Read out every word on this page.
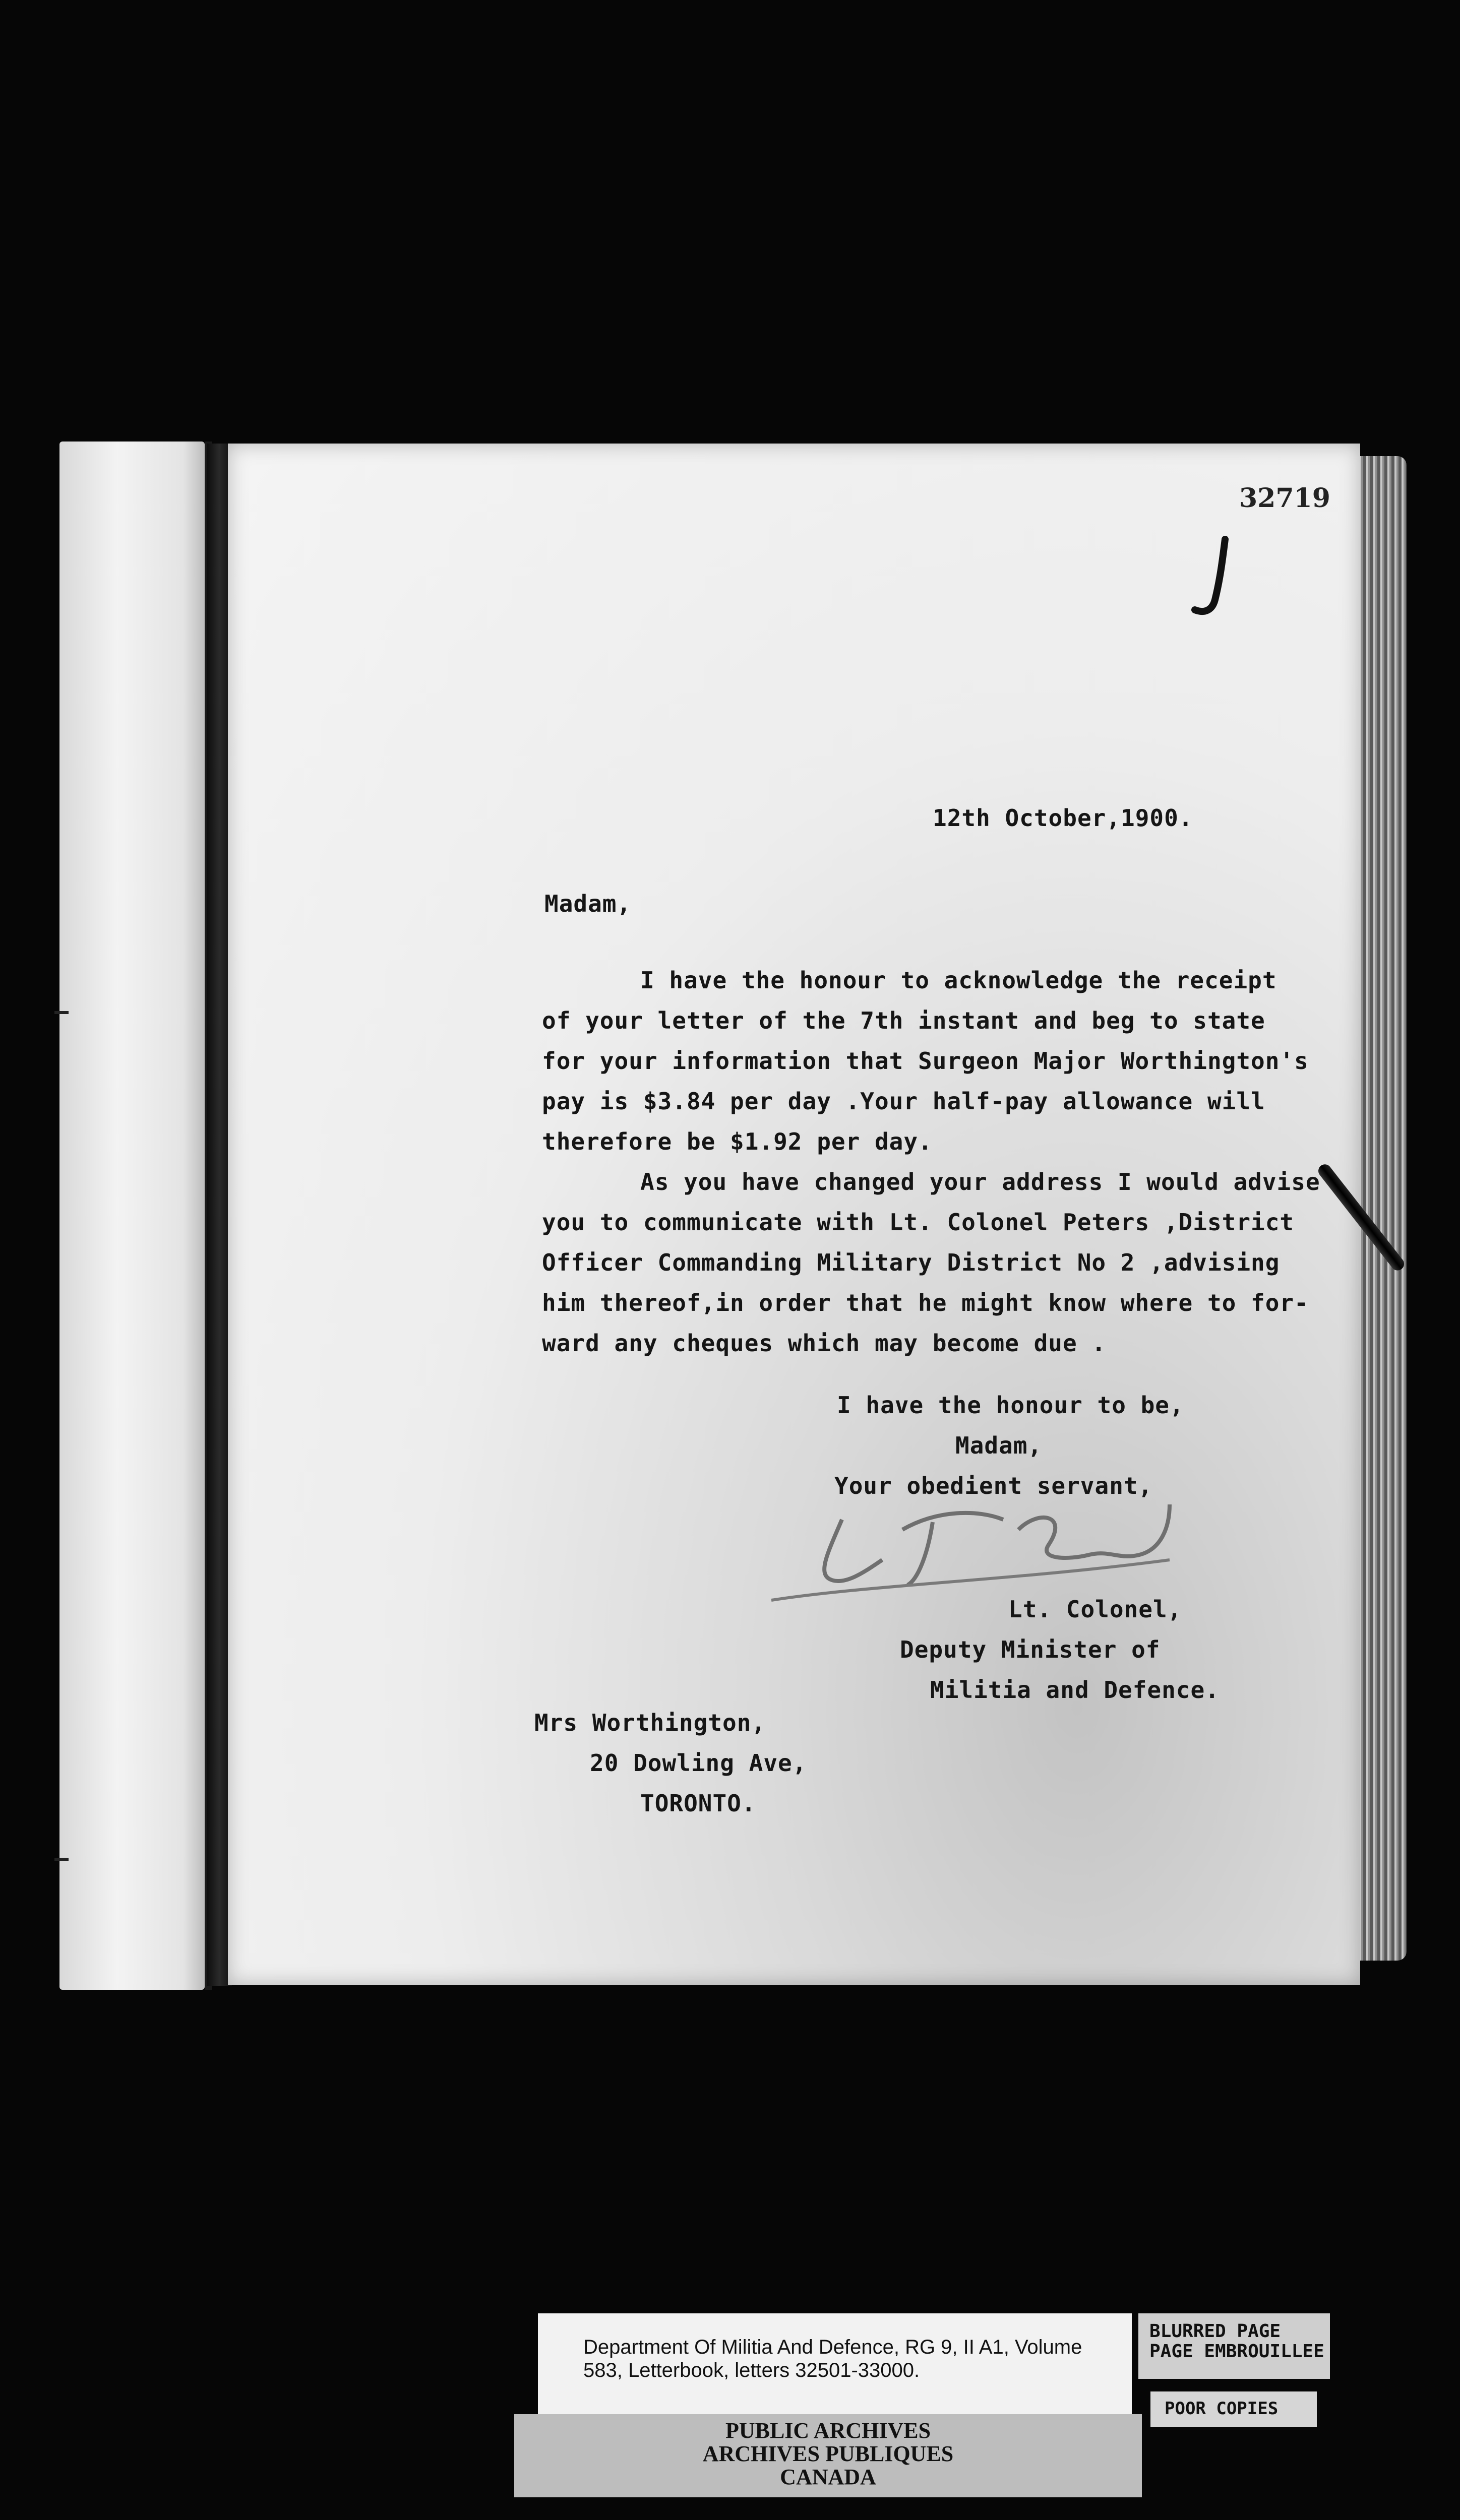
32719
12th October,1900.
Madam,

I have the honour to acknowledge the receipt

of your letter of the 7th instant and beg to state

for your information that Surgeon Major Worthington's

pay is $3.84 per day .Your half-pay allowance will

therefore be $1.92 per day.

As you have changed your address I would advise

you to communicate with Lt. Colonel Peters ,District

Officer Commanding Military District No 2 ,advising

him thereof,in order that he might know where to for-

ward any cheques which may become due .

I have the honour to be,
Madam,
Your obedient servant,
Lt. Colonel,
Deputy Minister of
Militia and Defence.
Mrs Worthington,
20 Dowling Ave,
TORONTO.
Department Of Militia And Defence, RG 9, II A1, Volume 583, Letterbook, letters 32501-33000.
PUBLIC ARCHIVES
ARCHIVES PUBLIQUES
CANADA
BLURRED PAGE
PAGE EMBROUILLEE
POOR COPIES
